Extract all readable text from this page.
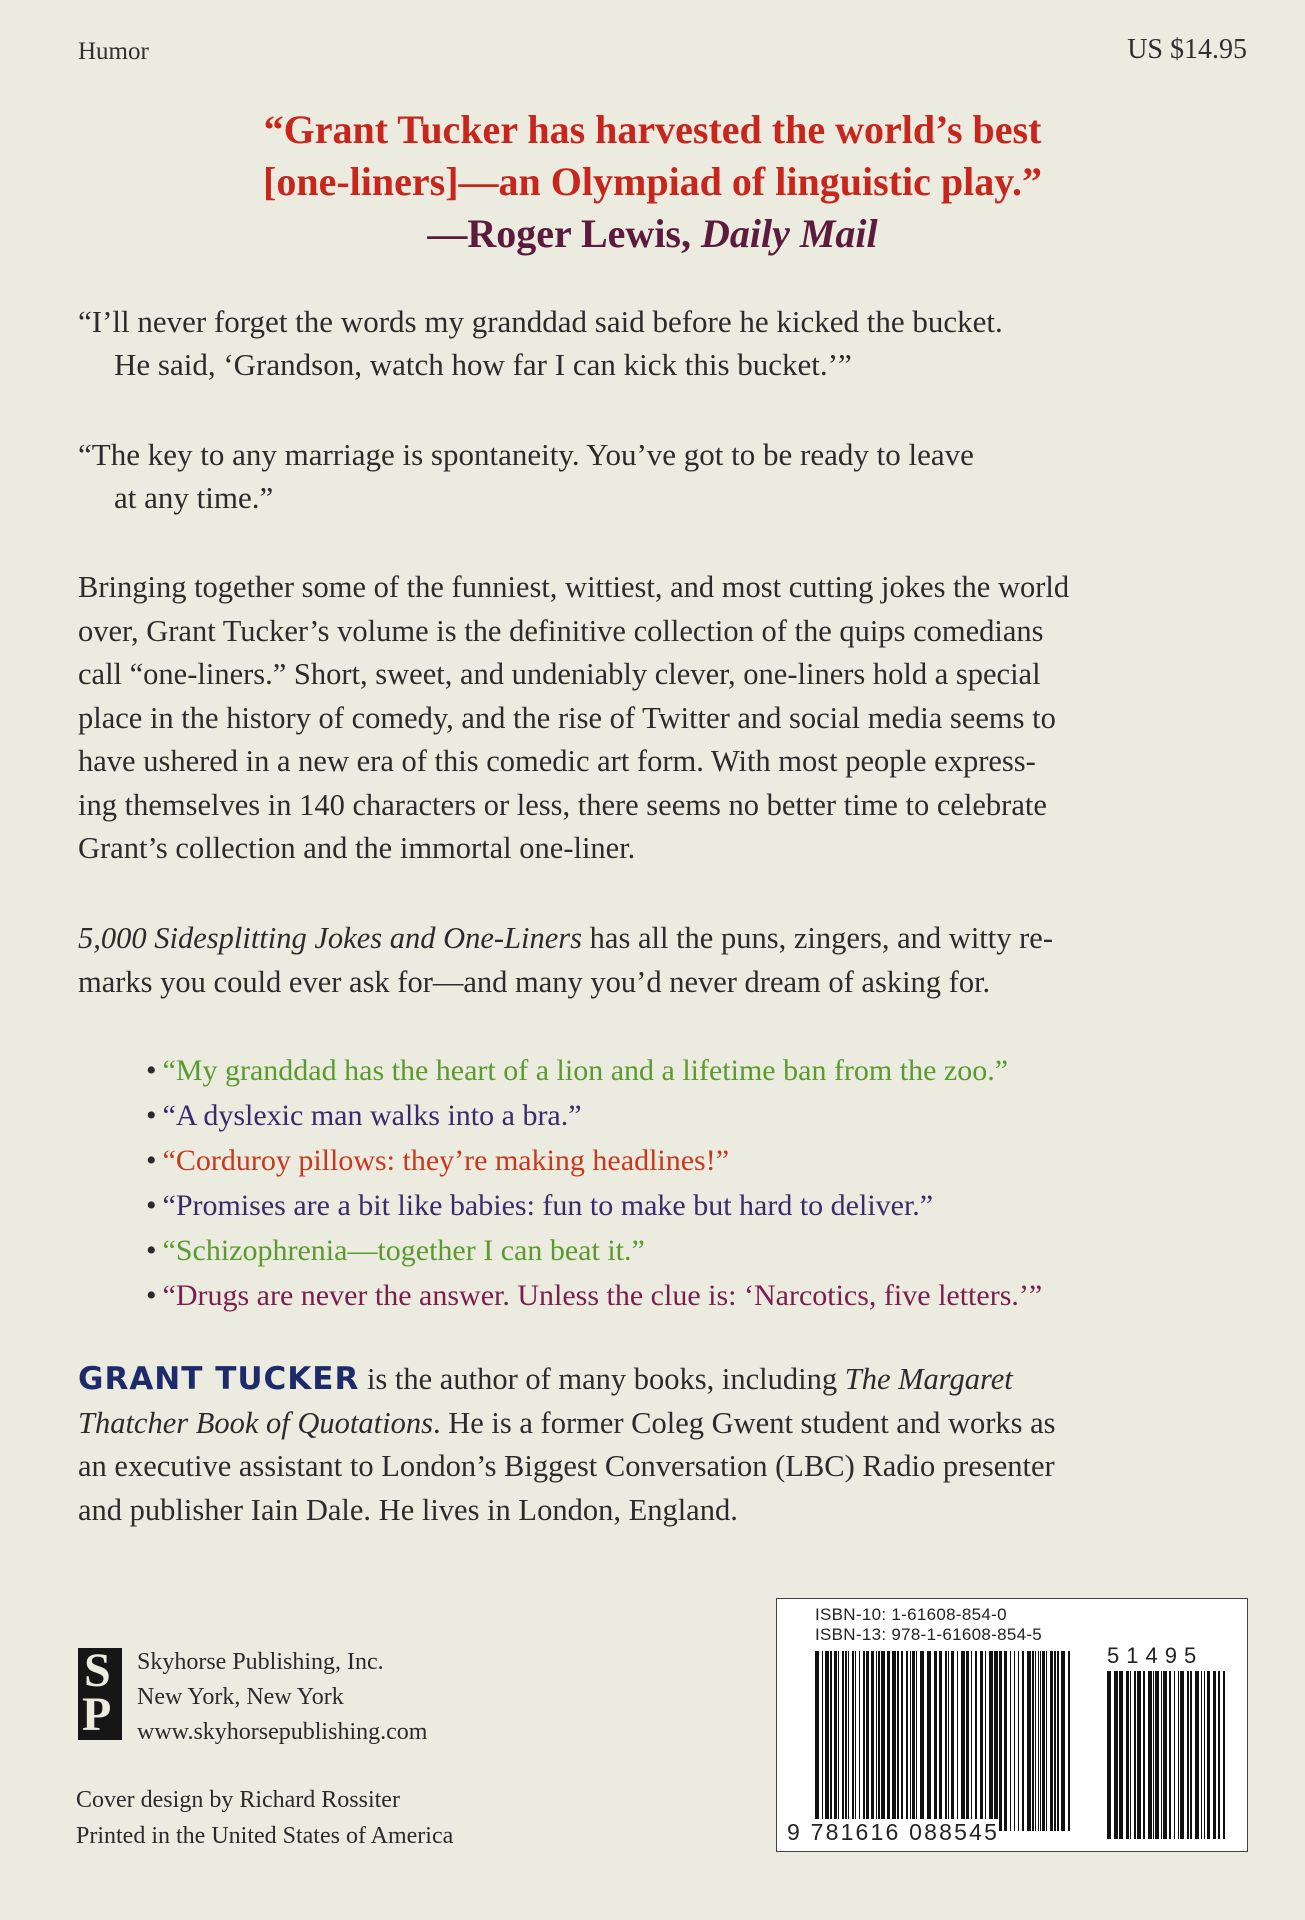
Humor	US $14.95
“Grant Tucker has harvested the world’s best
[one-liners]—an Olympiad of linguistic play.”
—Roger Lewis, Daily Mail
“I’ll never forget the words my granddad said before he kicked the bucket.
He said, ‘Grandson, watch how far I can kick this bucket.’”
“The key to any marriage is spontaneity. You’ve got to be ready to leave
at any time.”
Bringing together some of the funniest, wittiest, and most cutting jokes the world
over, Grant Tucker’s volume is the definitive collection of the quips comedians
call “one-liners.” Short, sweet, and undeniably clever, one-liners hold a special
place in the history of comedy, and the rise of Twitter and social media seems to
have ushered in a new era of this comedic art form. With most people express-
ing themselves in 140 characters or less, there seems no better time to celebrate
Grant’s collection and the immortal one-liner.
5,000 Sidesplitting Jokes and One-Liners has all the puns, zingers, and witty re-
marks you could ever ask for—and many you’d never dream of asking for.
• “My granddad has the heart of a lion and a lifetime ban from the zoo.”
• “A dyslexic man walks into a bra.”
• “Corduroy pillows: they’re making headlines!”
• “Promises are a bit like babies: fun to make but hard to deliver.”
• “Schizophrenia—together I can beat it.”
• “Drugs are never the answer. Unless the clue is: ‘Narcotics, five letters.’”
GRANT TUCKER is the author of many books, including The Margaret
Thatcher Book of Quotations. He is a former Coleg Gwent student and works as
an executive assistant to London’s Biggest Conversation (LBC) Radio presenter
and publisher Iain Dale. He lives in London, England.
S
P
Skyhorse Publishing, Inc.
New York, New York
www.skyhorsepublishing.com
Cover design by Richard Rossiter
Printed in the United States of America
ISBN-10: 1-61608-854-0
ISBN-13: 978-1-61608-854-5
51495
9 781616 088545
